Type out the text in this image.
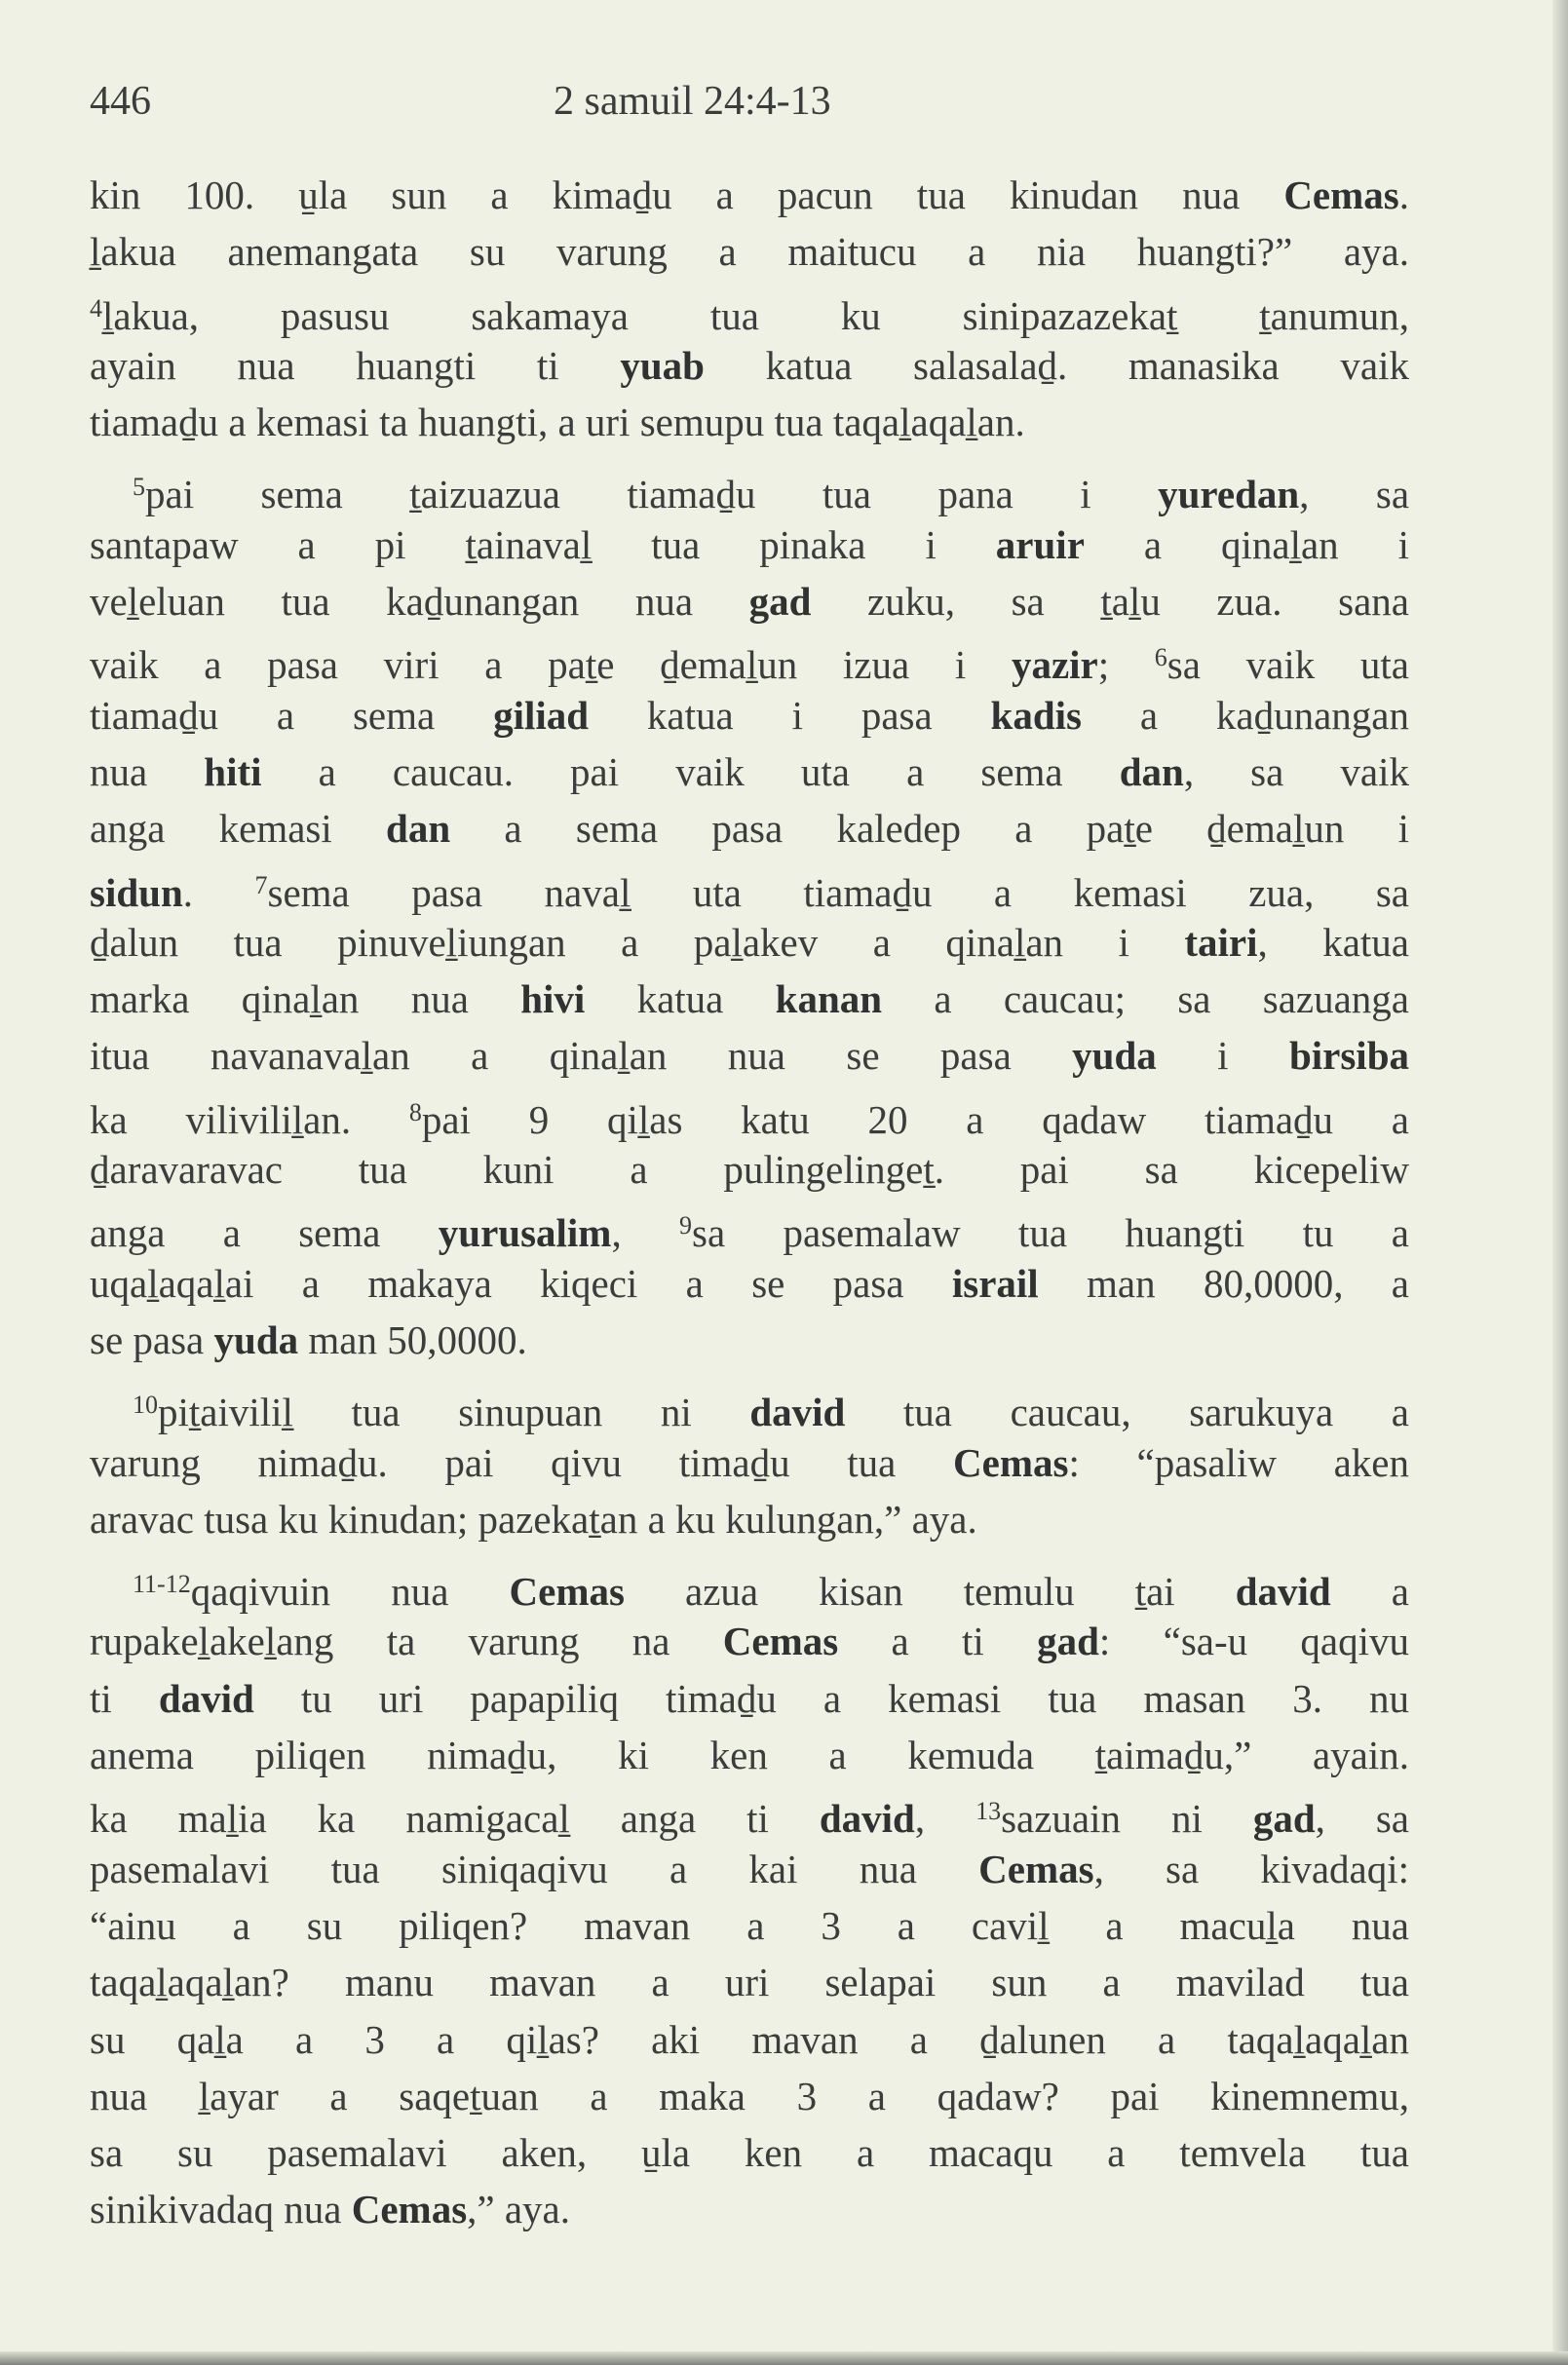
446	2 samuil 24:4-13
kin 100. u̱la sun a kimaḏu a pacun tua kinudan nua Cemas.
ḻakua anemangata su varung a maitucu a nia huangti?” aya.
$^4$ḻakua, pasusu sakamaya tua ku sinipazazekaṯ ṯanumun,
ayain nua huangti ti yuab katua salasalaḏ. manasika vaik
tiamaḏu a kemasi ta huangti, a uri semupu tua taqaḻaqaḻan.
$^5$pai sema ṯaizuazua tiamaḏu tua pana i yuredan, sa
santapaw a pi ṯainavaḻ tua pinaka i aruir a qinaḻan i
veḻeluan tua kaḏunangan nua gad zuku, sa ṯaḻu zua. sana
vaik a pasa viri a paṯe ḏemaḻun izua i yazir; $^6$sa vaik uta
tiamaḏu a sema giliad katua i pasa kadis a kaḏunangan
nua hiti a caucau. pai vaik uta a sema dan, sa vaik
anga kemasi dan a sema pasa kaledep a paṯe ḏemaḻun i
sidun. $^7$sema pasa navaḻ uta tiamaḏu a kemasi zua, sa
ḏalun tua pinuveḻiungan a paḻakev a qinaḻan i tairi, katua
marka qinaḻan nua hivi katua kanan a caucau; sa sazuanga
itua navanavaḻan a qinaḻan nua se pasa yuda i birsiba
ka viliviliḻan. $^8$pai 9 qiḻas katu 20 a qadaw tiamaḏu a
ḏaravaravac tua kuni a pulingelingeṯ. pai sa kicepeliw
anga a sema yurusalim, $^9$sa pasemalaw tua huangti tu a
uqaḻaqaḻai a makaya kiqeci a se pasa israil man 80,0000, a
se pasa yuda man 50,0000.
$^{10}$piṯaiviliḻ tua sinupuan ni david tua caucau, sarukuya a
varung nimaḏu. pai qivu timaḏu tua Cemas: “pasaliw aken
aravac tusa ku kinudan; pazekaṯan a ku kulungan,” aya.
$^{11-12}$qaqivuin nua Cemas azua kisan temulu ṯai david a
rupakeḻakeḻang ta varung na Cemas a ti gad: “sa-u qaqivu
ti david tu uri papapiliq timaḏu a kemasi tua masan 3. nu
anema piliqen nimaḏu, ki ken a kemuda ṯaimaḏu,” ayain.
ka maḻia ka namigacaḻ anga ti david, $^{13}$sazuain ni gad, sa
pasemalavi tua siniqaqivu a kai nua Cemas, sa kivadaqi:
“ainu a su piliqen? mavan a 3 a caviḻ a macuḻa nua
taqaḻaqaḻan? manu mavan a uri selapai sun a mavilad tua
su qaḻa a 3 a qiḻas? aki mavan a ḏalunen a taqaḻaqaḻan
nua ḻayar a saqeṯuan a maka 3 a qadaw? pai kinemnemu,
sa su pasemalavi aken, u̱la ken a macaqu a temvela tua
sinikivadaq nua Cemas,” aya.
